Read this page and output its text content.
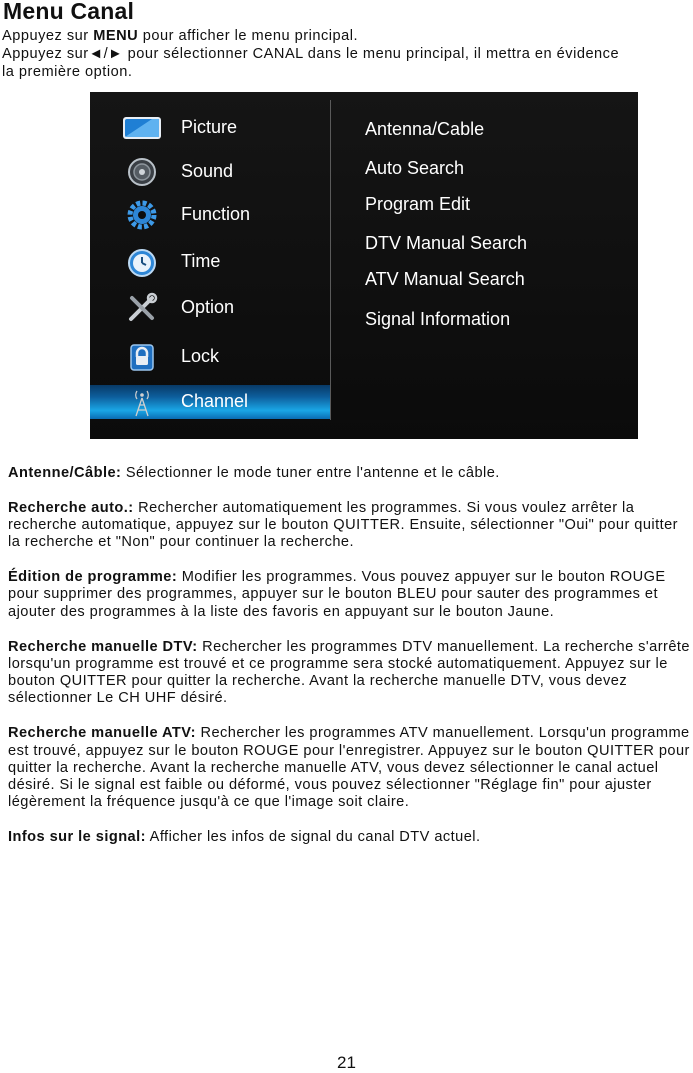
Menu Canal

Appuyez sur MENU pour afficher le menu principal.

Appuyez sur◄/► pour sélectionner CANAL dans le menu principal, il mettra en évidence

la première option.

Picture
Sound
Function
Time
Option
Lock
Channel
Antenna/Cable
Auto Search
Program Edit
DTV Manual Search
ATV Manual Search
Signal Information

Antenne/Câble: Sélectionner le mode tuner entre l'antenne et le câble.

Recherche auto.: Rechercher automatiquement les programmes. Si vous voulez arrêter la recherche automatique, appuyez sur le bouton QUITTER. Ensuite, sélectionner "Oui" pour quitter la recherche et "Non" pour continuer la recherche.

Édition de programme: Modifier les programmes. Vous pouvez appuyer sur le bouton ROUGE pour supprimer des programmes, appuyer sur le bouton BLEU pour sauter des programmes et ajouter des programmes à la liste des favoris en appuyant sur le bouton Jaune.

Recherche manuelle DTV: Rechercher les programmes DTV manuellement. La recherche s'arrête lorsqu'un programme est trouvé et ce programme sera stocké automatiquement. Appuyez sur le bouton QUITTER pour quitter la recherche. Avant la recherche manuelle DTV, vous devez sélectionner Le CH UHF désiré.

Recherche manuelle ATV: Rechercher les programmes ATV manuellement. Lorsqu'un programme est trouvé, appuyez sur le bouton ROUGE pour l'enregistrer. Appuyez sur le bouton QUITTER pour quitter la recherche. Avant la recherche manuelle ATV, vous devez sélectionner le canal actuel désiré. Si le signal est faible ou déformé, vous pouvez sélectionner "Réglage fin" pour ajuster légèrement la fréquence jusqu'à ce que l'image soit claire.

Infos sur le signal: Afficher les infos de signal du canal DTV actuel.

21
